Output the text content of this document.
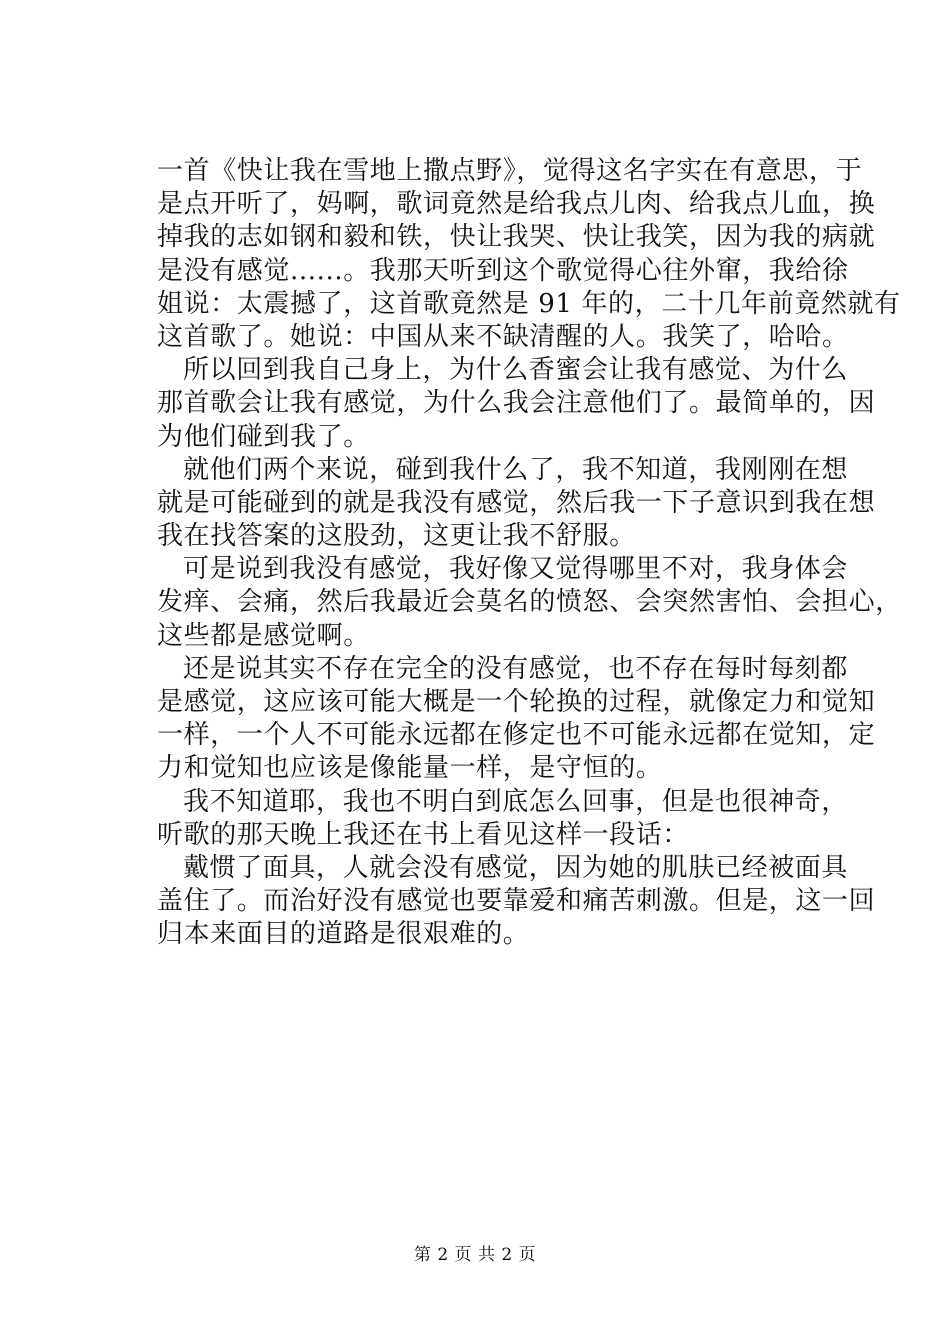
一首《快让我在雪地上撒点野》，觉得这名字实在有意思，于
是点开听了，妈啊，歌词竟然是给我点儿肉、给我点儿血，换
掉我的志如钢和毅和铁，快让我哭、快让我笑，因为我的病就
是没有感觉......。我那天听到这个歌觉得心往外窜，我给徐
姐说：太震撼了，这首歌竟然是 91 年的，二十几年前竟然就有
这首歌了。她说：中国从来不缺清醒的人。我笑了，哈哈。
所以回到我自己身上，为什么香蜜会让我有感觉、为什么
那首歌会让我有感觉，为什么我会注意他们了。最简单的，因
为他们碰到我了。
就他们两个来说，碰到我什么了，我不知道，我刚刚在想
就是可能碰到的就是我没有感觉，然后我一下子意识到我在想
我在找答案的这股劲，这更让我不舒服。
可是说到我没有感觉，我好像又觉得哪里不对，我身体会
发痒、会痛，然后我最近会莫名的愤怒、会突然害怕、会担心，
这些都是感觉啊。
还是说其实不存在完全的没有感觉，也不存在每时每刻都
是感觉，这应该可能大概是一个轮换的过程，就像定力和觉知
一样，一个人不可能永远都在修定也不可能永远都在觉知，定
力和觉知也应该是像能量一样，是守恒的。
我不知道耶，我也不明白到底怎么回事，但是也很神奇，
听歌的那天晚上我还在书上看见这样一段话：
戴惯了面具，人就会没有感觉，因为她的肌肤已经被面具
盖住了。而治好没有感觉也要靠爱和痛苦刺激。但是，这一回
归本来面目的道路是很艰难的。
第 2 页 共 2 页
